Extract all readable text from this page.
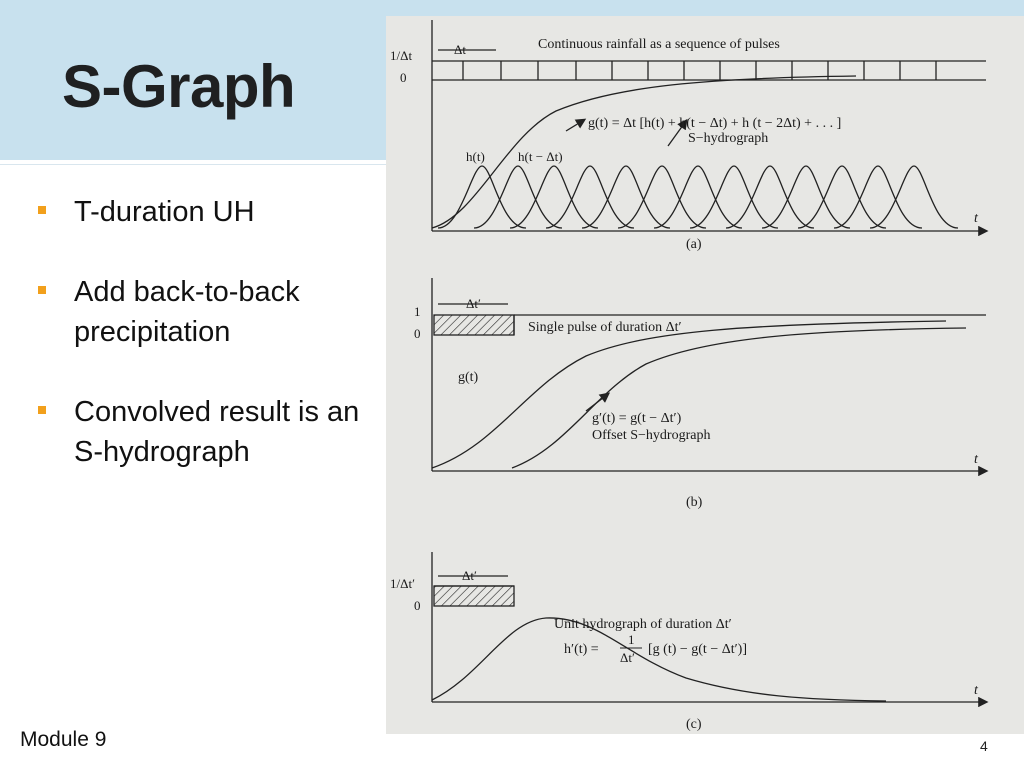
S-Graph
T-duration UH
Add back-to-back precipitation
Convolved result is an S-hydrograph
Module 9	4
1/Δt
0
Δt	Continuous rainfall as a sequence of pulses
g(t) = Δt [h(t) + h(t − Δt) + h (t − 2Δt) + . . . ]
S−hydrograph
h(t)	h(t − Δt)
t
(a)
1
0
Δt′
Single pulse of duration Δt′
g(t)
g′(t) = g(t − Δt′)
Offset S−hydrograph
t
(b)
1/Δt′
0
Δt′
Unit hydrograph of duration Δt′
h′(t) =
1
Δt′
[g (t) − g(t − Δt′)]
t
(c)
